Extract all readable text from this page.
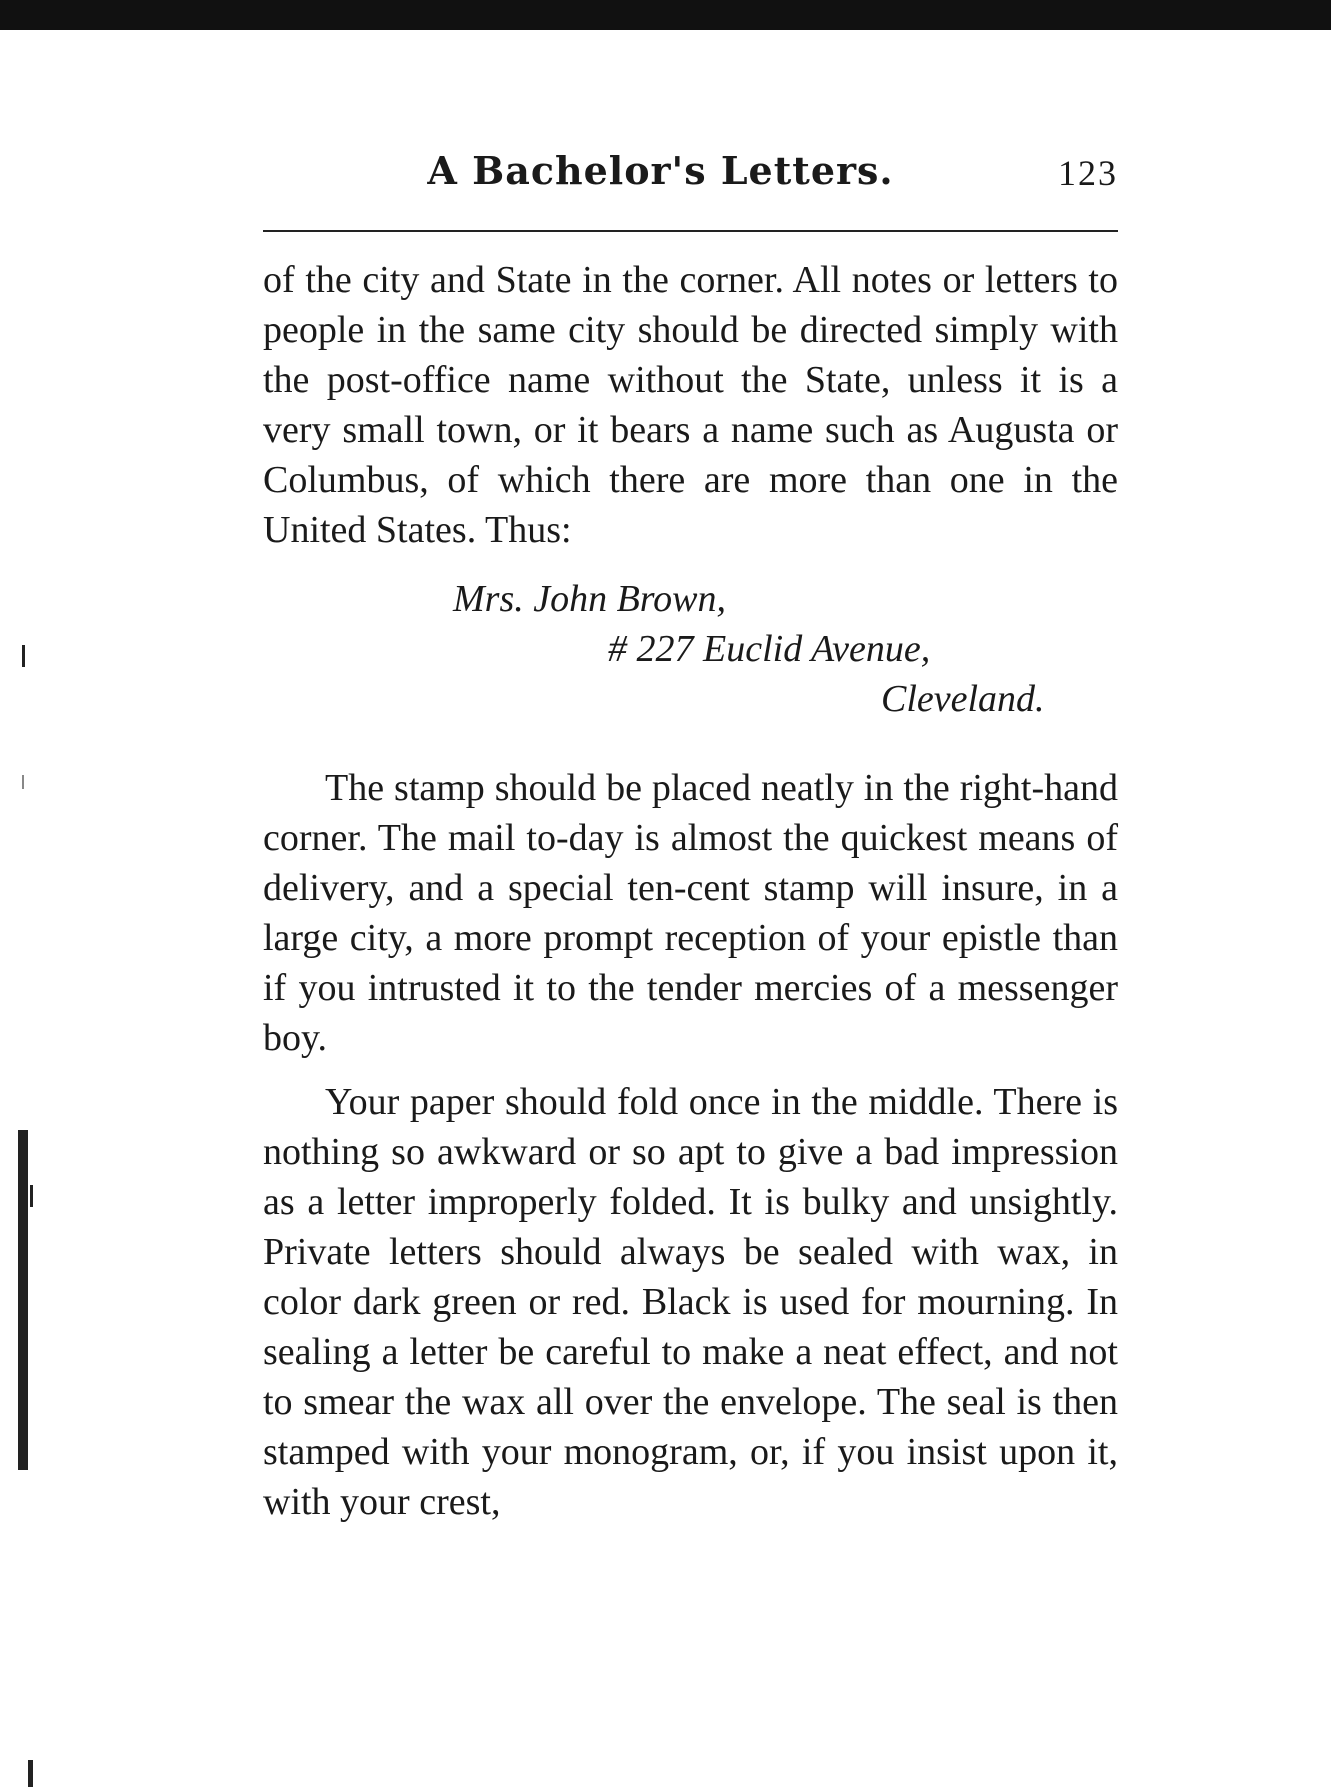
A Bachelor's Letters.	123

of the city and State in the corner. All notes or letters to people in the same city should be directed simply with the post-office name without the State, unless it is a very small town, or it bears a name such as Augusta or Columbus, of which there are more than one in the United States. Thus:

Mrs. John Brown,
# 227 Euclid Avenue,
Cleveland.

The stamp should be placed neatly in the right-hand corner. The mail to-day is almost the quickest means of delivery, and a special ten-cent stamp will insure, in a large city, a more prompt reception of your epistle than if you intrusted it to the tender mercies of a messenger boy.

Your paper should fold once in the middle. There is nothing so awkward or so apt to give a bad impression as a letter improperly folded. It is bulky and unsightly. Private letters should always be sealed with wax, in color dark green or red. Black is used for mourning. In sealing a letter be careful to make a neat effect, and not to smear the wax all over the envelope. The seal is then stamped with your monogram, or, if you insist upon it, with your crest,
